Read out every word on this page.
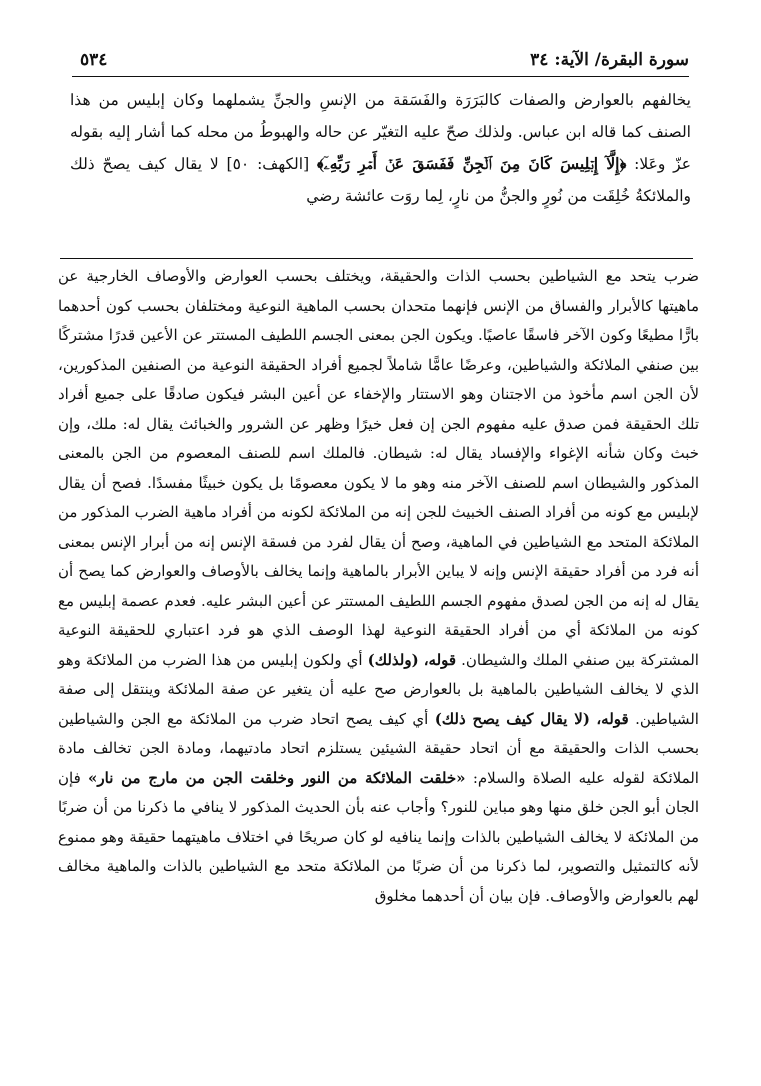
سورة البقرة/ الآية: ٣٤
٥٣٤

يخالفهم بالعوارض والصفات كالبَرَرَة والفَسَقة من الإنسِ والجنِّ يشملهما وكان إبليس من هذا الصنف كما قاله ابن عباس. ولذلك صحّ عليه التغيّر عن حاله والهبوطُ من محله كما أشار إليه بقوله عزّ وعَلا: ﴿إِلَّآ إِبۡلِيسَ كَانَ مِنَ ٱلۡجِنِّ فَفَسَقَ عَنۡ أَمۡرِ رَبِّهِۦٓ﴾ [الكهف: ٥٠] لا يقال كيف يصحّ ذلك والملائكةُ خُلِقَت من نُورٍ والجنُّ من نارٍ، لِما روَت عائشة رضي

ضرب يتحد مع الشياطين بحسب الذات والحقيقة، ويختلف بحسب العوارض والأوصاف الخارجية عن ماهيتها كالأبرار والفساق من الإنس فإنهما متحدان بحسب الماهية النوعية ومختلفان بحسب كون أحدهما بارًّا مطيعًا وكون الآخر فاسقًا عاصيًا. ويكون الجن بمعنى الجسم اللطيف المستتر عن الأعين قدرًا مشتركًا بين صنفي الملائكة والشياطين، وعرضًا عامًّا شاملاً لجميع أفراد الحقيقة النوعية من الصنفين المذكورين، لأن الجن اسم مأخوذ من الاجتنان وهو الاستتار والإخفاء عن أعين البشر فيكون صادقًا على جميع أفراد تلك الحقيقة فمن صدق عليه مفهوم الجن إن فعل خيرًا وظهر عن الشرور والخبائث يقال له: ملك، وإن خبث وكان شأنه الإغواء والإفساد يقال له: شيطان. فالملك اسم للصنف المعصوم من الجن بالمعنى المذكور والشيطان اسم للصنف الآخر منه وهو ما لا يكون معصومًا بل يكون خبيثًا مفسدًا. فصح أن يقال لإبليس مع كونه من أفراد الصنف الخبيث للجن إنه من الملائكة لكونه من أفراد ماهية الضرب المذكور من الملائكة المتحد مع الشياطين في الماهية، وصح أن يقال لفرد من فسقة الإنس إنه من أبرار الإنس بمعنى أنه فرد من أفراد حقيقة الإنس وإنه لا يباين الأبرار بالماهية وإنما يخالف بالأوصاف والعوارض كما يصح أن يقال له إنه من الجن لصدق مفهوم الجسم اللطيف المستتر عن أعين البشر عليه. فعدم عصمة إبليس مع كونه من الملائكة أي من أفراد الحقيقة النوعية لهذا الوصف الذي هو فرد اعتباري للحقيقة النوعية المشتركة بين صنفي الملك والشيطان. قوله، (ولذلك) أي ولكون إبليس من هذا الضرب من الملائكة وهو الذي لا يخالف الشياطين بالماهية بل بالعوارض صح عليه أن يتغير عن صفة الملائكة وينتقل إلى صفة الشياطين. قوله، (لا يقال كيف يصح ذلك) أي كيف يصح اتحاد ضرب من الملائكة مع الجن والشياطين بحسب الذات والحقيقة مع أن اتحاد حقيقة الشيئين يستلزم اتحاد مادتيهما، ومادة الجن تخالف مادة الملائكة لقوله عليه الصلاة والسلام: «خلقت الملائكة من النور وخلقت الجن من مارج من نار» فإن الجان أبو الجن خلق منها وهو مباين للنور؟ وأجاب عنه بأن الحديث المذكور لا ينافي ما ذكرنا من أن ضربًا من الملائكة لا يخالف الشياطين بالذات وإنما ينافيه لو كان صريحًا في اختلاف ماهيتهما حقيقة وهو ممنوع لأنه كالتمثيل والتصوير، لما ذكرنا من أن ضربًا من الملائكة متحد مع الشياطين بالذات والماهية مخالف لهم بالعوارض والأوصاف. فإن بيان أن أحدهما مخلوق
